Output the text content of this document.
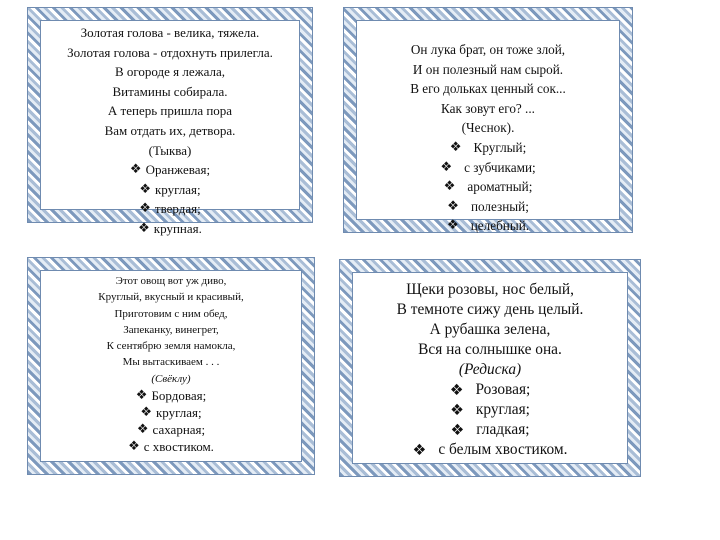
Золотая голова - велика, тяжела.
Золотая голова - отдохнуть прилегла.
В огороде я лежала,
Витамины собирала.
А теперь пришла пора
Вам отдать их, детвора.
(Тыква)
❖ Оранжевая;
❖ круглая;
❖ твердая;
❖ крупная.
Он лука брат, он тоже злой,
И он полезный нам сырой.
В его дольках ценный сок...
Как зовут его? ...
(Чеснок).
❖ Круглый;
❖ с зубчиками;
❖ ароматный;
❖ полезный;
❖ целебный.
Этот овощ вот уж диво,
Круглый, вкусный и красивый,
Приготовим с ним обед,
Запеканку, винегрет,
К сентябрю земля намокла,
Мы вытаскиваем . . .
(Свёклу)
❖ Бордовая;
❖ круглая;
❖ сахарная;
❖ с хвостиком.
Щеки розовы, нос белый,
В темноте сижу день целый.
А рубашка зелена,
Вся на солнышке она.
(Редиска)
❖ Розовая;
❖ круглая;
❖ гладкая;
❖ с белым хвостиком.
